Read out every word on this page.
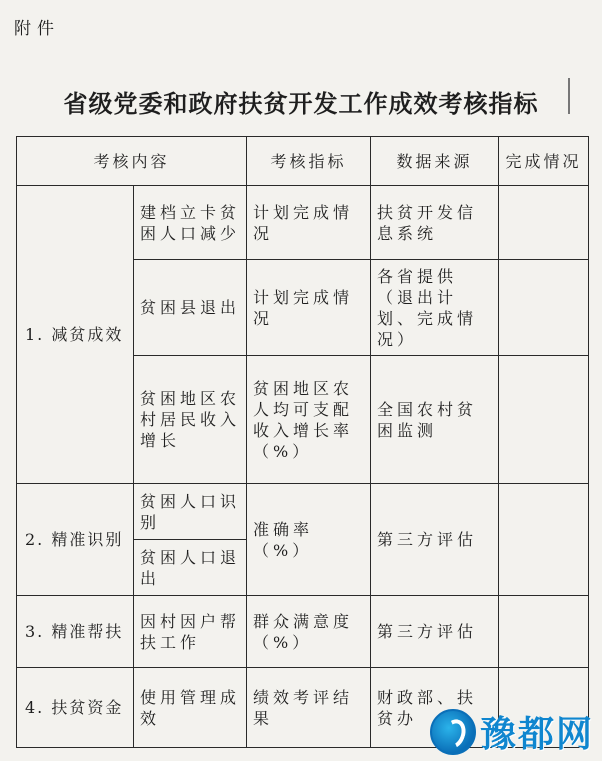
附件
省级党委和政府扶贫开发工作成效考核指标
考核内容		考核指标	数据来源	完成情况
1. 减贫成效	建档立卡贫困人口减少	计划完成情况	扶贫开发信息系统	
	贫困县退出	计划完成情况	各省提供（退出计划、完成情况）	
	贫困地区农村居民收入增长	贫困地区农人均可支配收入增长率（%）	全国农村贫困监测	
2. 精准识别	贫困人口识别	准确率（%）	第三方评估	
	贫困人口退出			
3. 精准帮扶	因村因户帮扶工作	群众满意度（%）	第三方评估	
4. 扶贫资金	使用管理成效	绩效考评结果	财政部、扶贫办	豫都网
